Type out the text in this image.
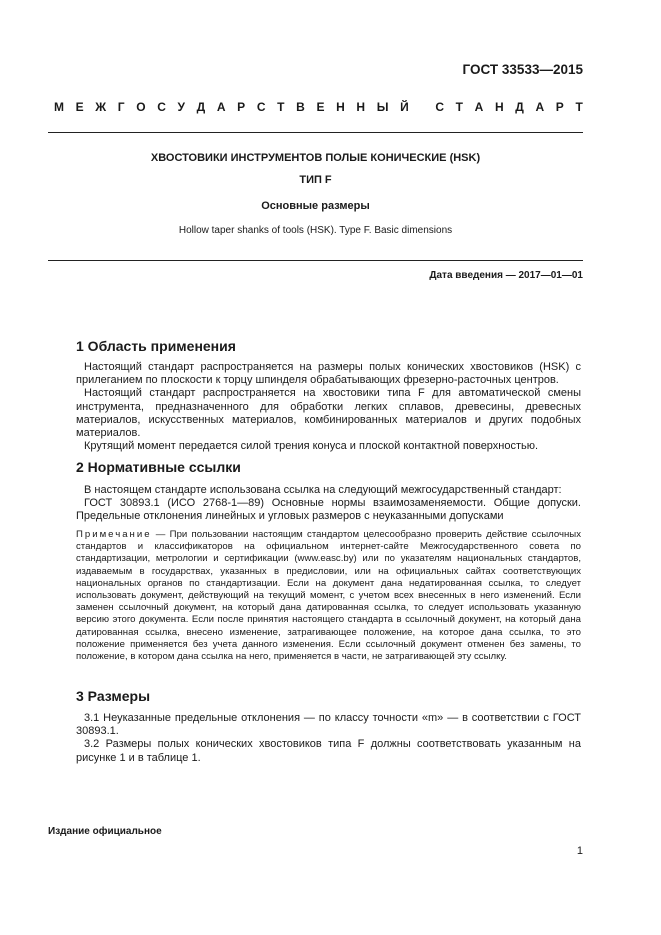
ГОСТ 33533—2015
М Е Ж Г О С У Д А Р С Т В Е Н Н Ы Й
С Т А Н Д А Р Т
ХВОСТОВИКИ ИНСТРУМЕНТОВ ПОЛЫЕ КОНИЧЕСКИЕ (HSK)
ТИП F
Основные размеры
Hollow taper shanks of tools (HSK). Type F. Basic dimensions
Дата введения — 2017—01—01
1 Область применения

Настоящий стандарт распространяется на размеры полых конических хвостовиков (HSK) с прилеганием по плоскости к торцу шпинделя обрабатывающих фрезерно-расточных центров.

Настоящий стандарт распространяется на хвостовики типа F для автоматической смены инструмента, предназначенного для обработки легких сплавов, древесины, древесных материалов, искусственных материалов, комбинированных материалов и других подобных материалов.

Крутящий момент передается силой трения конуса и плоской контактной поверхностью.

2 Нормативные ссылки

В настоящем стандарте использована ссылка на следующий межгосударственный стандарт:

ГОСТ 30893.1 (ИСО 2768-1—89) Основные нормы взаимозаменяемости. Общие допуски. Предельные отклонения линейных и угловых размеров с неуказанными допусками

Примечание — При пользовании настоящим стандартом целесообразно проверить действие ссылочных стандартов и классификаторов на официальном интернет-сайте Межгосударственного совета по стандартизации, метрологии и сертификации (www.easc.by) или по указателям национальных стандартов, издаваемым в государствах, указанных в предисловии, или на официальных сайтах соответствующих национальных органов по стандартизации. Если на документ дана недатированная ссылка, то следует использовать документ, действующий на текущий момент, с учетом всех внесенных в него изменений. Если заменен ссылочный документ, на который дана датированная ссылка, то следует использовать указанную версию этого документа. Если после принятия настоящего стандарта в ссылочный документ, на который дана датированная ссылка, внесено изменение, затрагивающее положение, на которое дана ссылка, то это положение применяется без учета данного изменения. Если ссылочный документ отменен без замены, то положение, в котором дана ссылка на него, применяется в части, не затрагивающей эту ссылку.
3 Размеры

3.1 Неуказанные предельные отклонения — по классу точности «m» — в соответствии с ГОСТ 30893.1.

3.2 Размеры полых конических хвостовиков типа F должны соответствовать указанным на рисунке 1 и в таблице 1.

Издание официальное
1
